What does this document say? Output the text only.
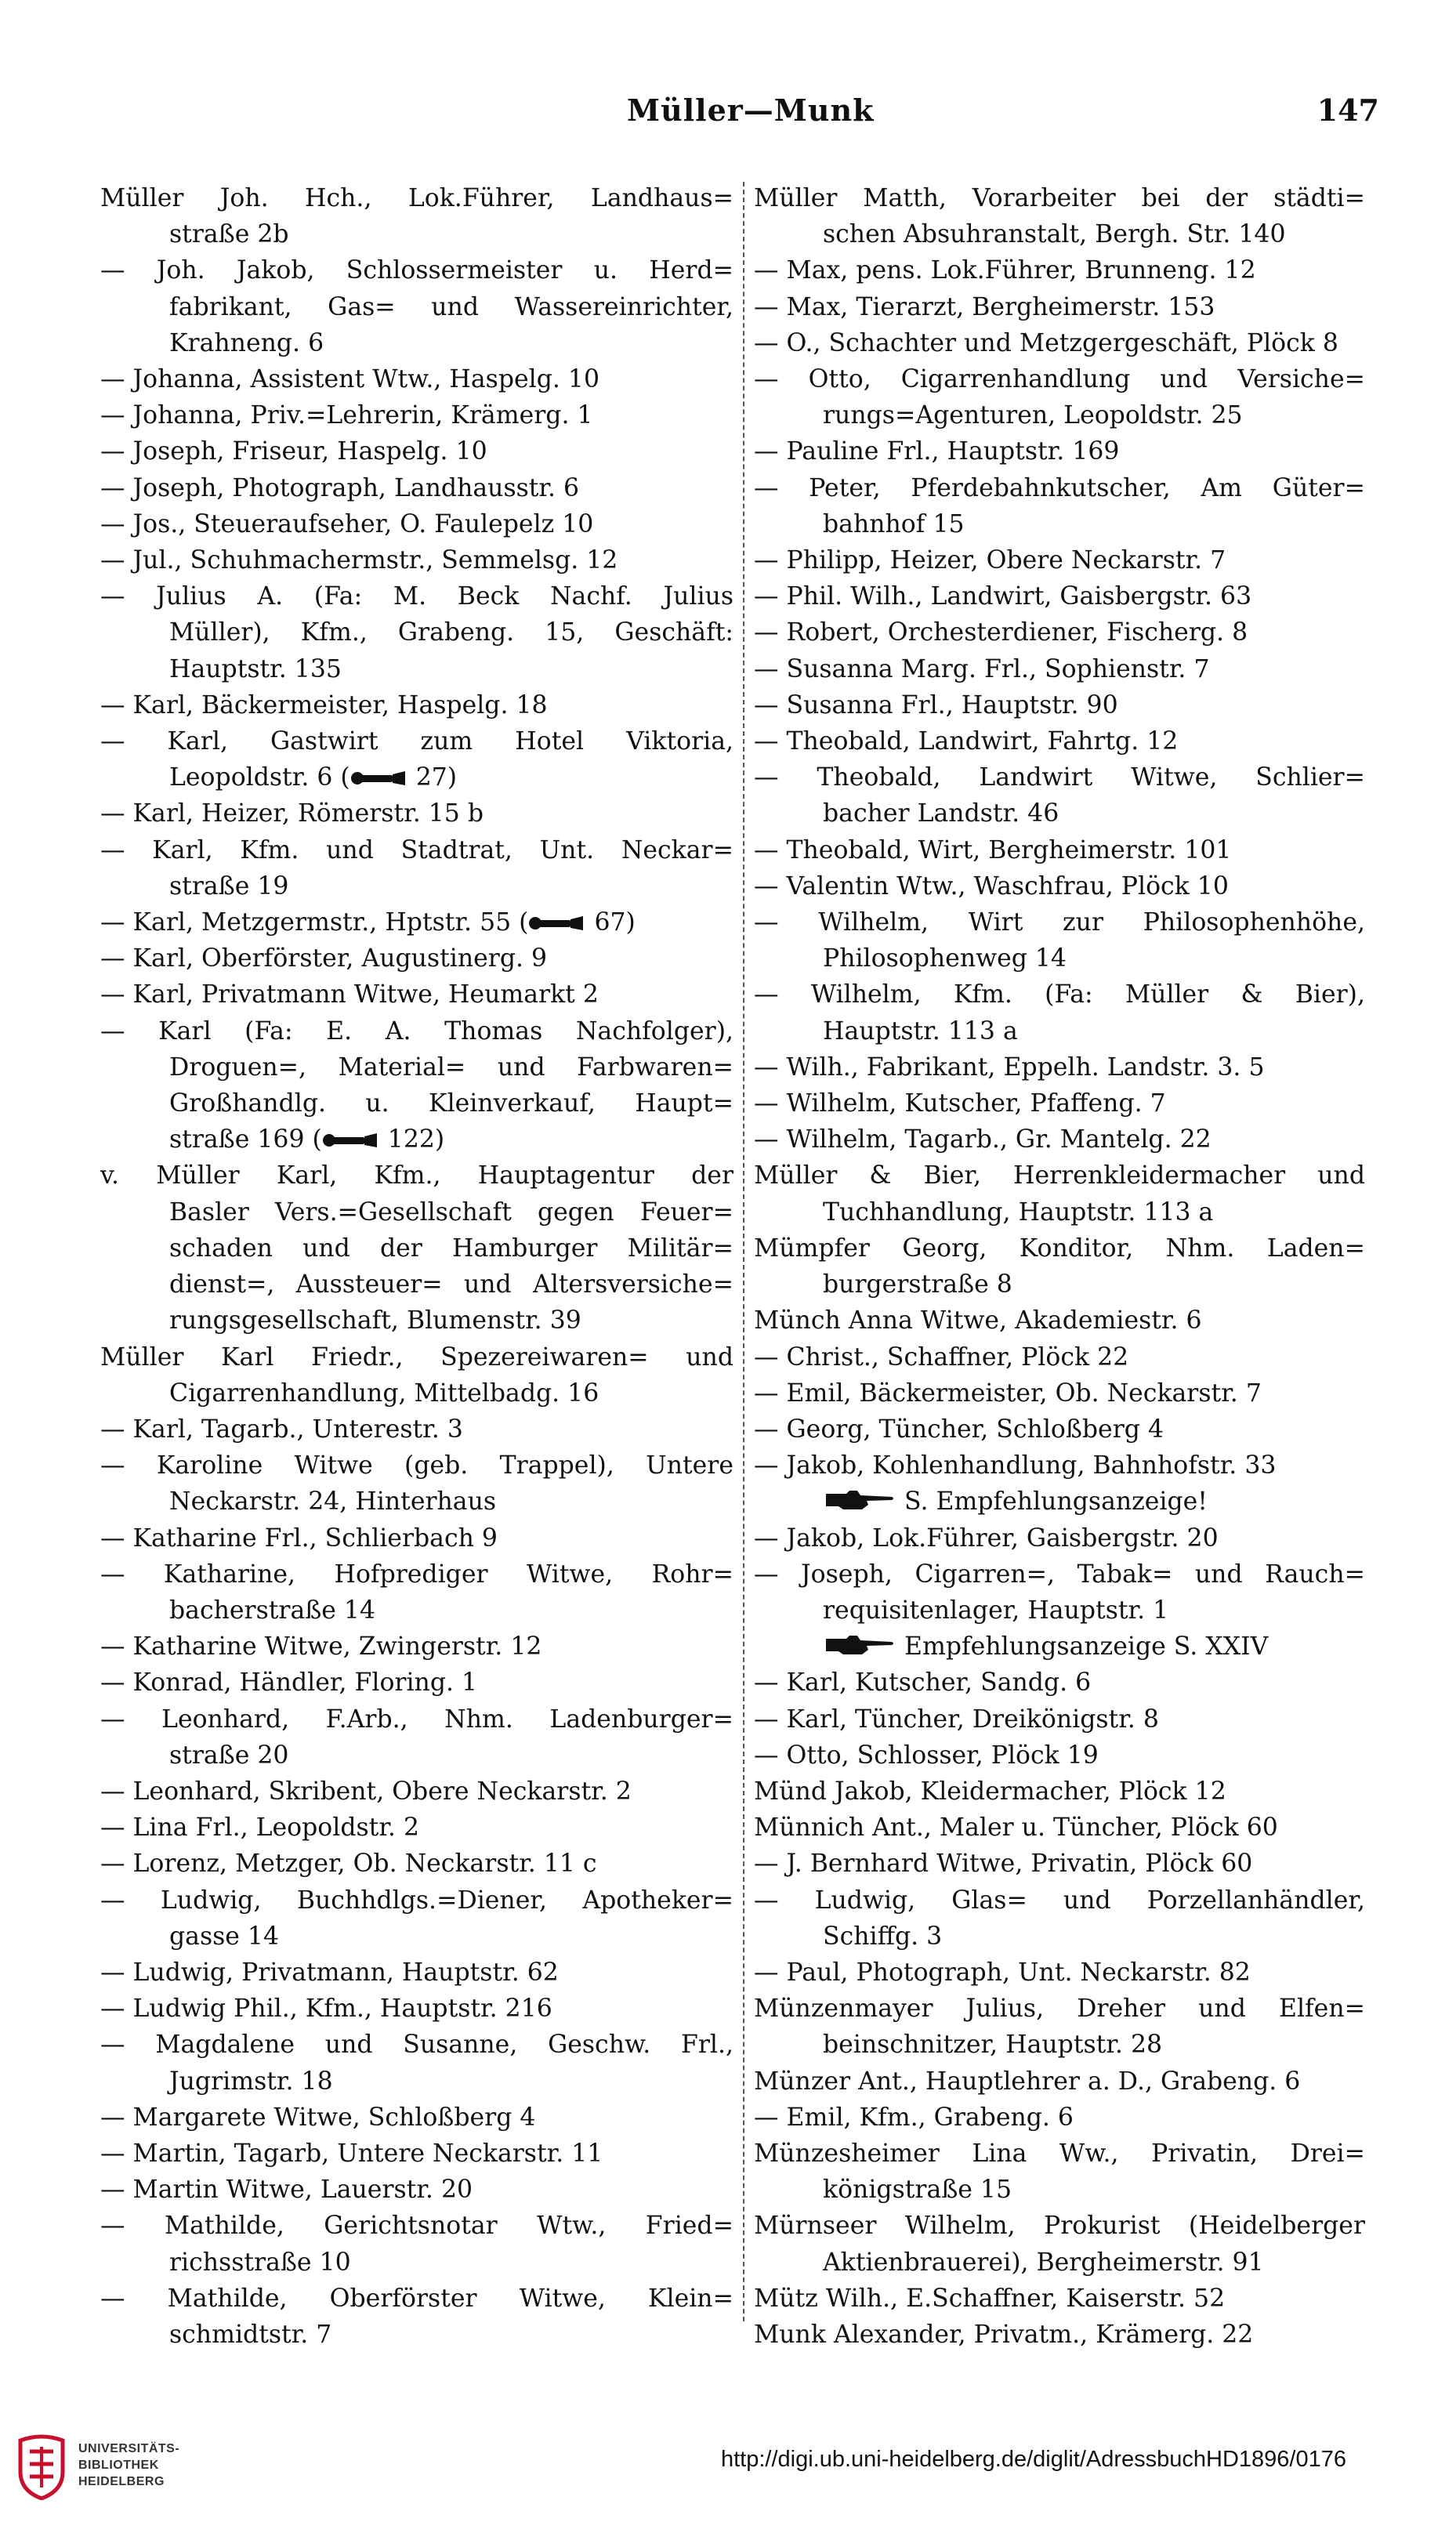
Müller—Munk	147
Müller Joh. Hch., Lok.Führer, Landhaus=
straße 2b
— Joh. Jakob, Schlossermeister u. Herd=
fabrikant, Gas= und Wassereinrichter,
Krahneng. 6
— Johanna, Assistent Wtw., Haspelg. 10
— Johanna, Priv.=Lehrerin, Krämerg. 1
— Joseph, Friseur, Haspelg. 10
— Joseph, Photograph, Landhausstr. 6
— Jos., Steueraufseher, O. Faulepelz 10
— Jul., Schuhmachermstr., Semmelsg. 12
— Julius A. (Fa: M. Beck Nachf. Julius
Müller), Kfm., Grabeng. 15, Geschäft:
Hauptstr. 135
— Karl, Bäckermeister, Haspelg. 18
— Karl, Gastwirt zum Hotel Viktoria,
Leopoldstr. 6 ( 27)
— Karl, Heizer, Römerstr. 15 b
— Karl, Kfm. und Stadtrat, Unt. Neckar=
straße 19
— Karl, Metzgermstr., Hptstr. 55 ( 67)
— Karl, Oberförster, Augustinerg. 9
— Karl, Privatmann Witwe, Heumarkt 2
— Karl (Fa: E. A. Thomas Nachfolger),
Droguen=, Material= und Farbwaren=
Großhandlg. u. Kleinverkauf, Haupt=
straße 169 ( 122)
v. Müller Karl, Kfm., Hauptagentur der
Basler Vers.=Gesellschaft gegen Feuer=
schaden und der Hamburger Militär=
dienst=, Aussteuer= und Altersversiche=
rungsgesellschaft, Blumenstr. 39
Müller Karl Friedr., Spezereiwaren= und
Cigarrenhandlung, Mittelbadg. 16
— Karl, Tagarb., Unterestr. 3
— Karoline Witwe (geb. Trappel), Untere
Neckarstr. 24, Hinterhaus
— Katharine Frl., Schlierbach 9
— Katharine, Hofprediger Witwe, Rohr=
bacherstraße 14
— Katharine Witwe, Zwingerstr. 12
— Konrad, Händler, Floring. 1
— Leonhard, F.Arb., Nhm. Ladenburger=
straße 20
— Leonhard, Skribent, Obere Neckarstr. 2
— Lina Frl., Leopoldstr. 2
— Lorenz, Metzger, Ob. Neckarstr. 11 c
— Ludwig, Buchhdlgs.=Diener, Apotheker=
gasse 14
— Ludwig, Privatmann, Hauptstr. 62
— Ludwig Phil., Kfm., Hauptstr. 216
— Magdalene und Susanne, Geschw. Frl.,
Jugrimstr. 18
— Margarete Witwe, Schloßberg 4
— Martin, Tagarb, Untere Neckarstr. 11
— Martin Witwe, Lauerstr. 20
— Mathilde, Gerichtsnotar Wtw., Fried=
richsstraße 10
— Mathilde, Oberförster Witwe, Klein=
schmidtstr. 7
Müller Matth, Vorarbeiter bei der städti=
schen Absuhranstalt, Bergh. Str. 140
— Max, pens. Lok.Führer, Brunneng. 12
— Max, Tierarzt, Bergheimerstr. 153
— O., Schachter und Metzgergeschäft, Plöck 8
— Otto, Cigarrenhandlung und Versiche=
rungs=Agenturen, Leopoldstr. 25
— Pauline Frl., Hauptstr. 169
— Peter, Pferdebahnkutscher, Am Güter=
bahnhof 15
— Philipp, Heizer, Obere Neckarstr. 7
— Phil. Wilh., Landwirt, Gaisbergstr. 63
— Robert, Orchesterdiener, Fischerg. 8
— Susanna Marg. Frl., Sophienstr. 7
— Susanna Frl., Hauptstr. 90
— Theobald, Landwirt, Fahrtg. 12
— Theobald, Landwirt Witwe, Schlier=
bacher Landstr. 46
— Theobald, Wirt, Bergheimerstr. 101
— Valentin Wtw., Waschfrau, Plöck 10
— Wilhelm, Wirt zur Philosophenhöhe,
Philosophenweg 14
— Wilhelm, Kfm. (Fa: Müller & Bier),
Hauptstr. 113 a
— Wilh., Fabrikant, Eppelh. Landstr. 3. 5
— Wilhelm, Kutscher, Pfaffeng. 7
— Wilhelm, Tagarb., Gr. Mantelg. 22
Müller & Bier, Herrenkleidermacher und
Tuchhandlung, Hauptstr. 113 a
Mümpfer Georg, Konditor, Nhm. Laden=
burgerstraße 8
Münch Anna Witwe, Akademiestr. 6
— Christ., Schaffner, Plöck 22
— Emil, Bäckermeister, Ob. Neckarstr. 7
— Georg, Tüncher, Schloßberg 4
— Jakob, Kohlenhandlung, Bahnhofstr. 33
S. Empfehlungsanzeige!
— Jakob, Lok.Führer, Gaisbergstr. 20
— Joseph, Cigarren=, Tabak= und Rauch=
requisitenlager, Hauptstr. 1
Empfehlungsanzeige S. XXIV
— Karl, Kutscher, Sandg. 6
— Karl, Tüncher, Dreikönigstr. 8
— Otto, Schlosser, Plöck 19
Münd Jakob, Kleidermacher, Plöck 12
Münnich Ant., Maler u. Tüncher, Plöck 60
— J. Bernhard Witwe, Privatin, Plöck 60
— Ludwig, Glas= und Porzellanhändler,
Schiffg. 3
— Paul, Photograph, Unt. Neckarstr. 82
Münzenmayer Julius, Dreher und Elfen=
beinschnitzer, Hauptstr. 28
Münzer Ant., Hauptlehrer a. D., Grabeng. 6
— Emil, Kfm., Grabeng. 6
Münzesheimer Lina Ww., Privatin, Drei=
königstraße 15
Mürnseer Wilhelm, Prokurist (Heidelberger
Aktienbrauerei), Bergheimerstr. 91
Mütz Wilh., E.Schaffner, Kaiserstr. 52
Munk Alexander, Privatm., Krämerg. 22
UNIVERSITÄTS-
BIBLIOTHEK
HEIDELBERG
http://digi.ub.uni-heidelberg.de/diglit/AdressbuchHD1896/0176
